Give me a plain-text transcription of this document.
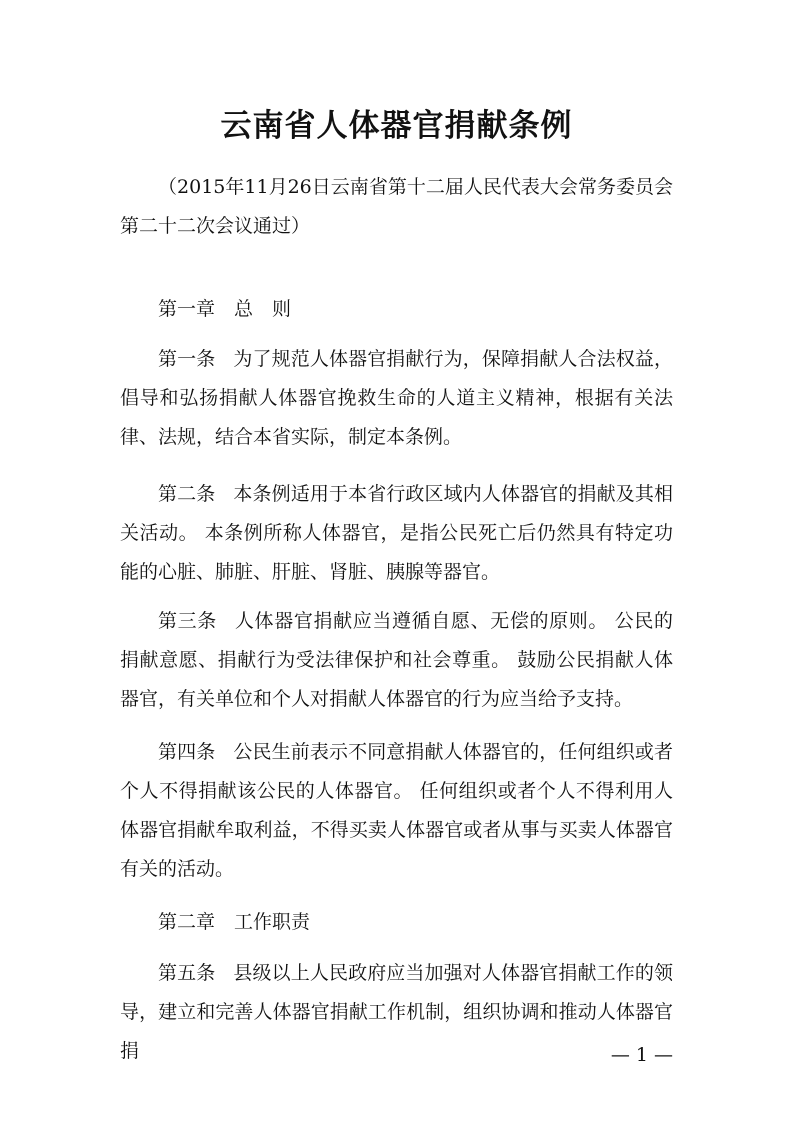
云南省人体器官捐献条例

（2015年11月26日云南省第十二届人民代表大会常务委员会第二十二次会议通过）

第一章　总　则

第一条 为了规范人体器官捐献行为，保障捐献人合法权益，倡导和弘扬捐献人体器官挽救生命的人道主义精神，根据有关法律、法规，结合本省实际，制定本条例。

第二条 本条例适用于本省行政区域内人体器官的捐献及其相关活动。 本条例所称人体器官，是指公民死亡后仍然具有特定功能的心脏、肺脏、肝脏、肾脏、胰腺等器官。

第三条 人体器官捐献应当遵循自愿、无偿的原则。 公民的捐献意愿、捐献行为受法律保护和社会尊重。 鼓励公民捐献人体器官，有关单位和个人对捐献人体器官的行为应当给予支持。

第四条 公民生前表示不同意捐献人体器官的，任何组织或者个人不得捐献该公民的人体器官。 任何组织或者个人不得利用人体器官捐献牟取利益，不得买卖人体器官或者从事与买卖人体器官有关的活动。

第二章　工作职责

第五条 县级以上人民政府应当加强对人体器官捐献工作的领导，建立和完善人体器官捐献工作机制，组织协调和推动人体器官捐	— 1 —
